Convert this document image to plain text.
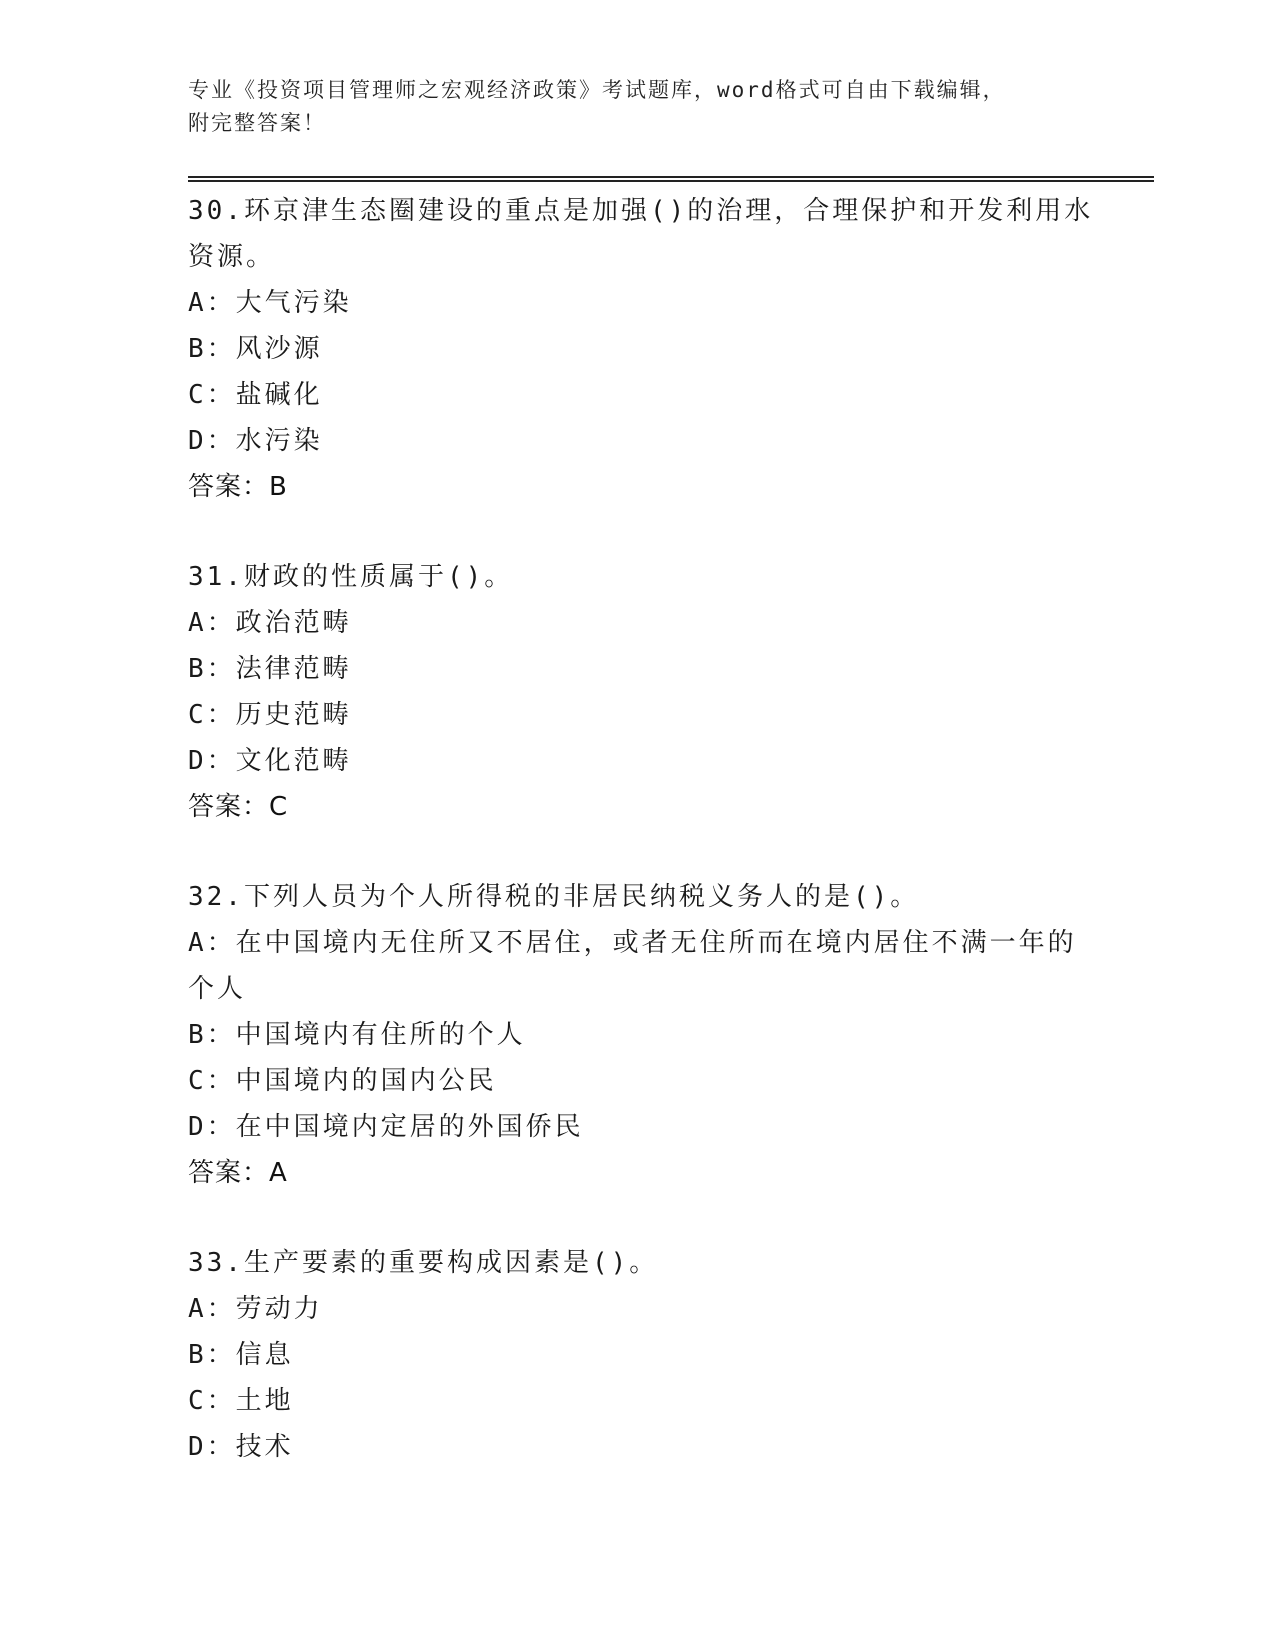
专业《投资项目管理师之宏观经济政策》考试题库，word格式可自由下载编辑，
附完整答案！
30.环京津生态圈建设的重点是加强()的治理，合理保护和开发利用水
资源。
A：大气污染
B：风沙源
C：盐碱化
D：水污染
答案：B
31.财政的性质属于()。
A：政治范畴
B：法律范畴
C：历史范畴
D：文化范畴
答案：C
32.下列人员为个人所得税的非居民纳税义务人的是()。
A：在中国境内无住所又不居住，或者无住所而在境内居住不满一年的
个人
B：中国境内有住所的个人
C：中国境内的国内公民
D：在中国境内定居的外国侨民
答案：A
33.生产要素的重要构成因素是()。
A：劳动力
B：信息
C：土地
D：技术
